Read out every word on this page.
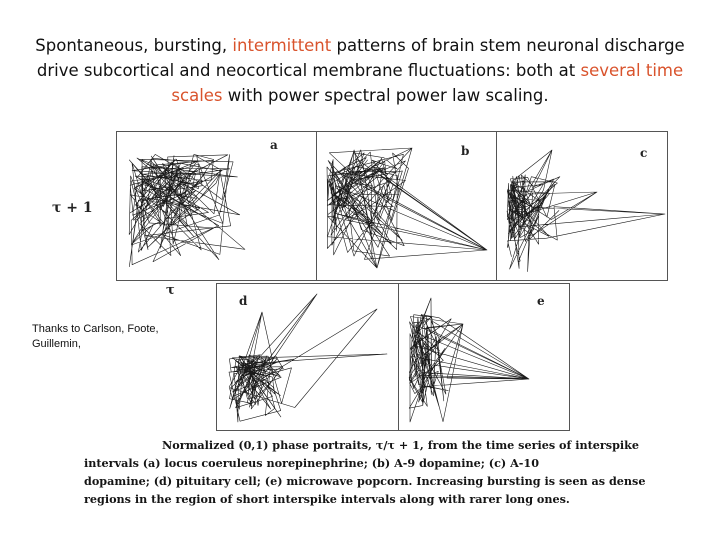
Spontaneous, bursting, intermittent patterns of brain stem neuronal discharge drive subcortical and neocortical membrane fluctuations: both at several time scales with power spectral power law scaling.
τ + 1
τ
a	b	c
d	e
Thanks to Carlson, Foote, Guillemin,
Normalized (0,1) phase portraits, τ/τ + 1, from the time series of interspike
intervals (a) locus coeruleus norepinephrine; (b) A-9 dopamine; (c) A-10
dopamine; (d) pituitary cell; (e) microwave popcorn. Increasing bursting is seen as dense
regions in the region of short interspike intervals along with rarer long ones.
